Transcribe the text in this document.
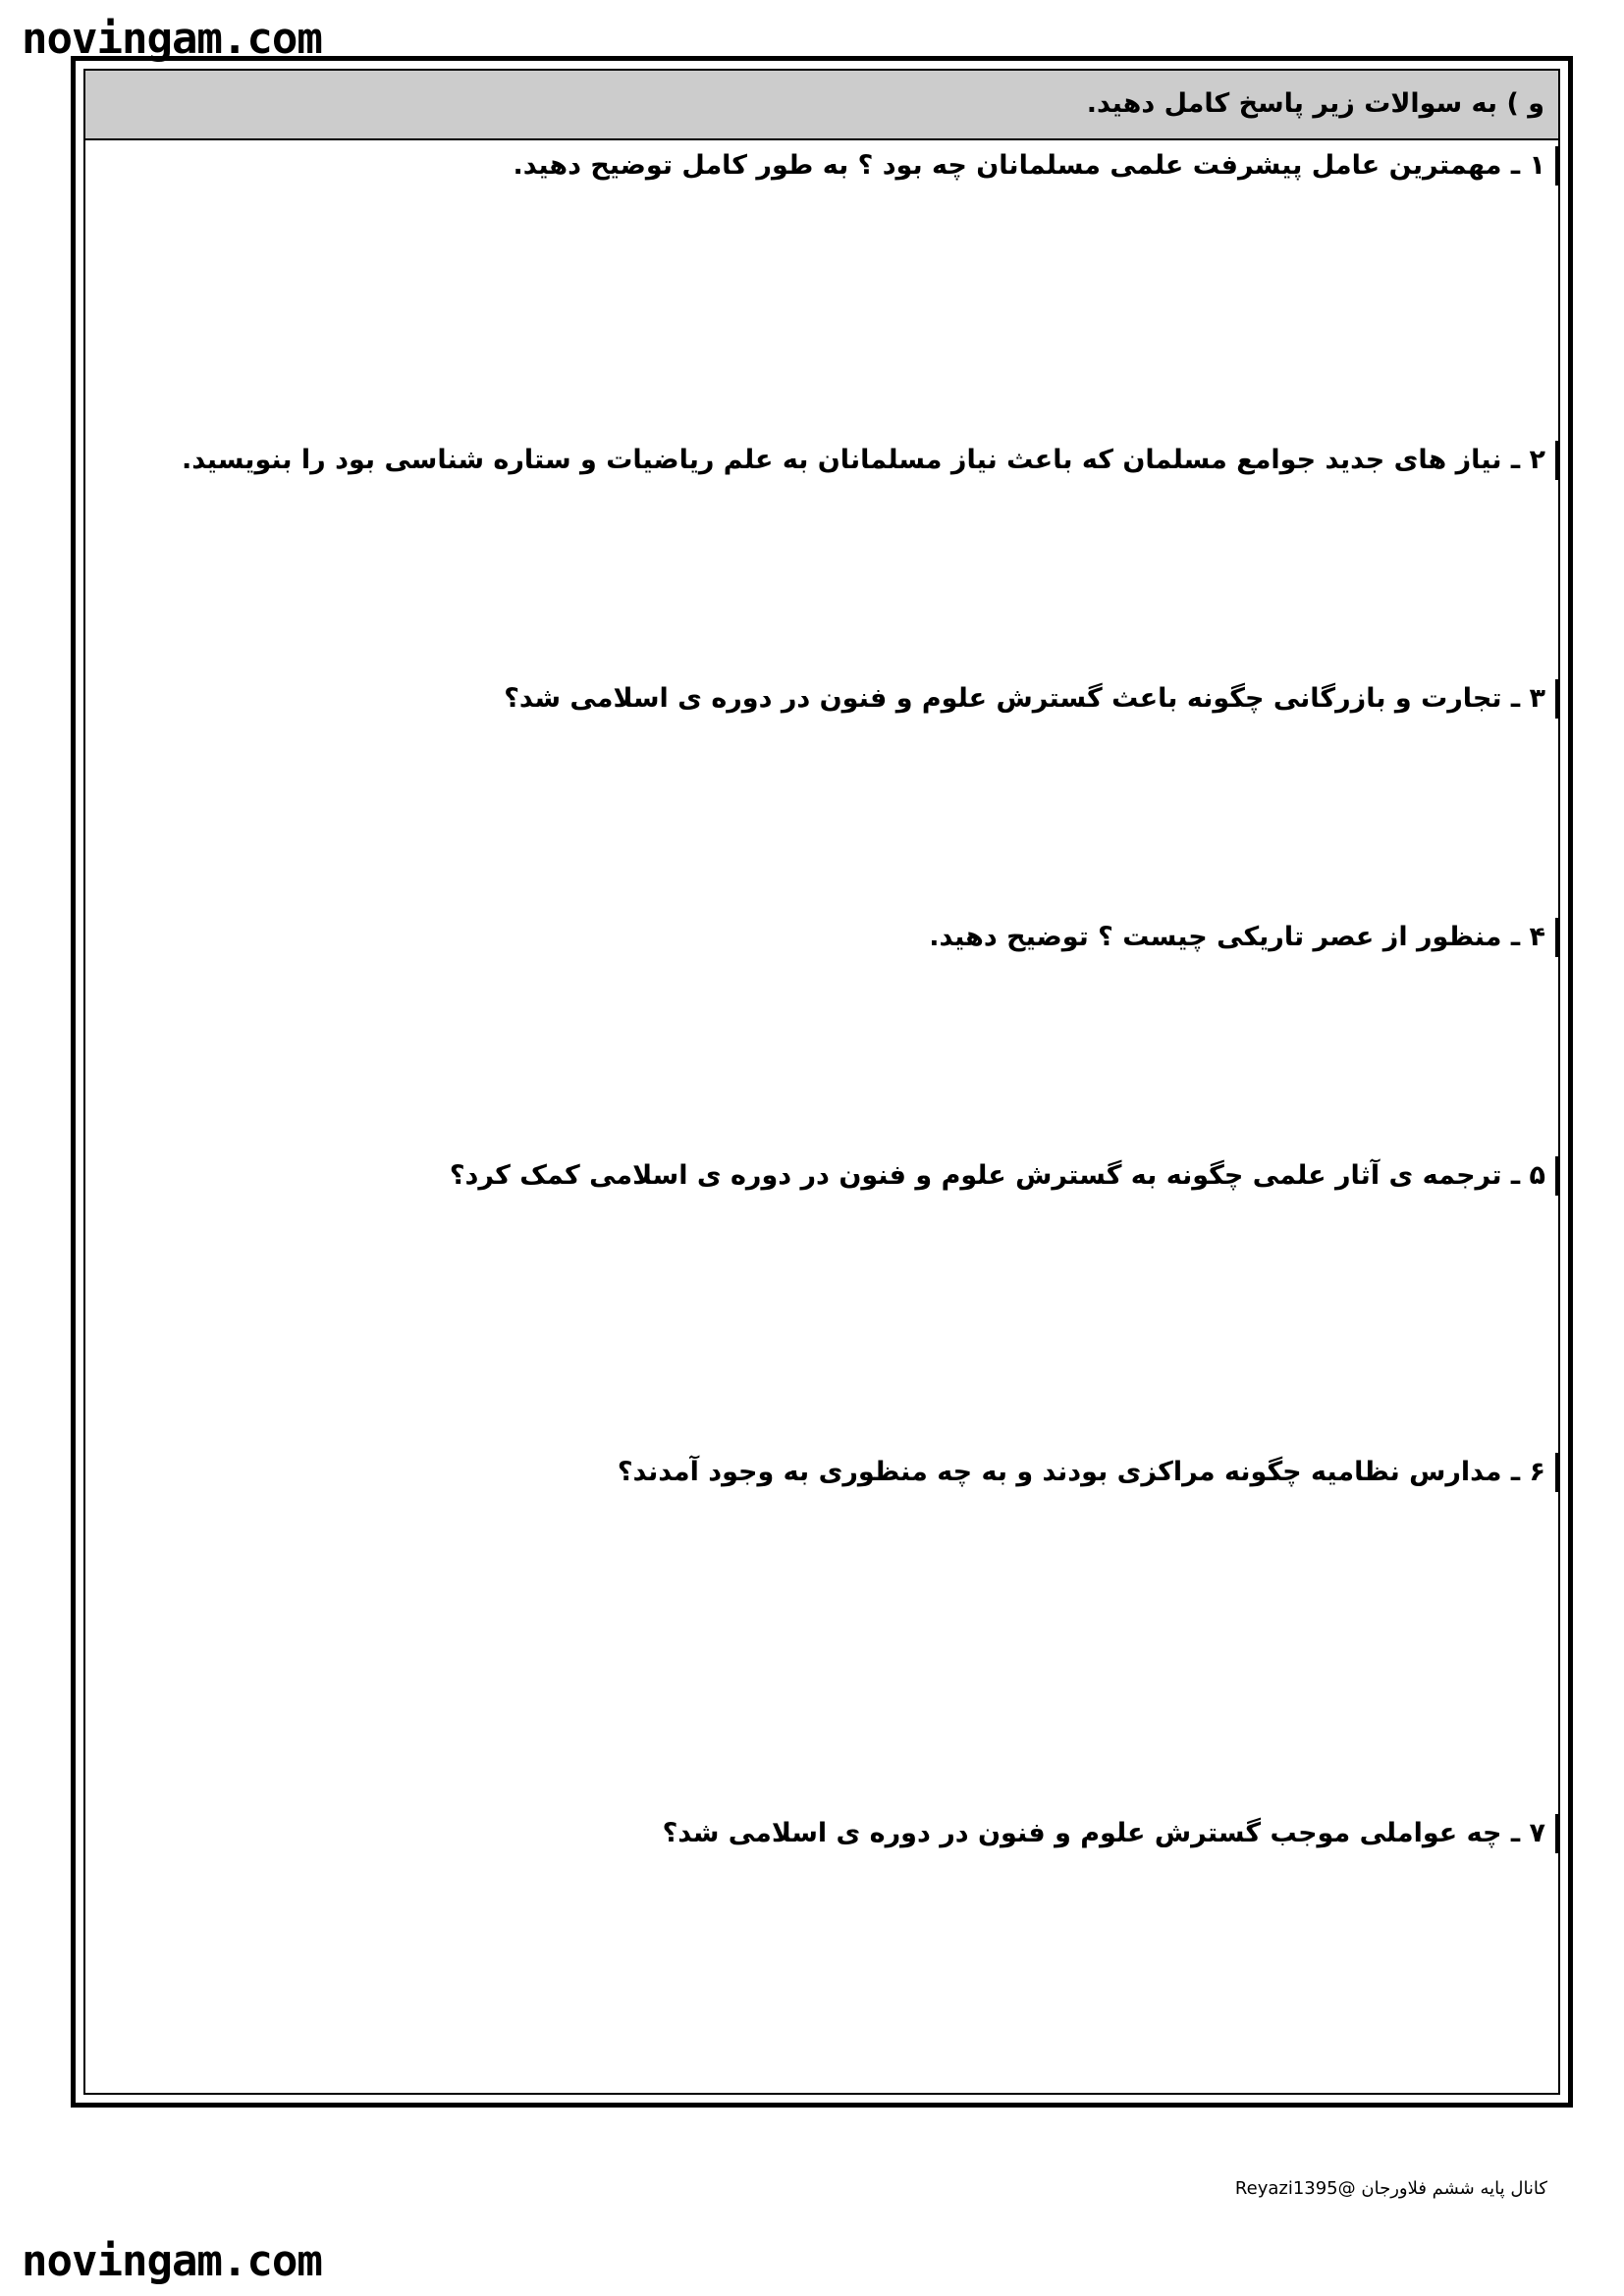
novingam.com
و ) به سوالات زیر پاسخ کامل دهید.
۱ ـ مهمترین عامل پیشرفت علمی مسلمانان چه بود ؟ به طور کامل توضیح دهید.
۲ ـ نیاز های جدید جوامع مسلمان که باعث نیاز مسلمانان به علم ریاضیات و ستاره شناسی بود را بنویسید.
۳ ـ تجارت و بازرگانی چگونه باعث گسترش علوم و فنون در دوره ی اسلامی شد؟
۴ ـ منظور از عصر تاریکی چیست ؟ توضیح دهید.
۵ ـ ترجمه ی آثار علمی چگونه به گسترش علوم و فنون در دوره ی اسلامی کمک کرد؟
۶ ـ مدارس نظامیه چگونه مراکزی بودند و به چه منظوری به وجود آمدند؟
۷ ـ چه عواملی موجب گسترش علوم و فنون در دوره ی اسلامی شد؟
کانال پایه ششم فلاورجان @Reyazi1395
novingam.com
